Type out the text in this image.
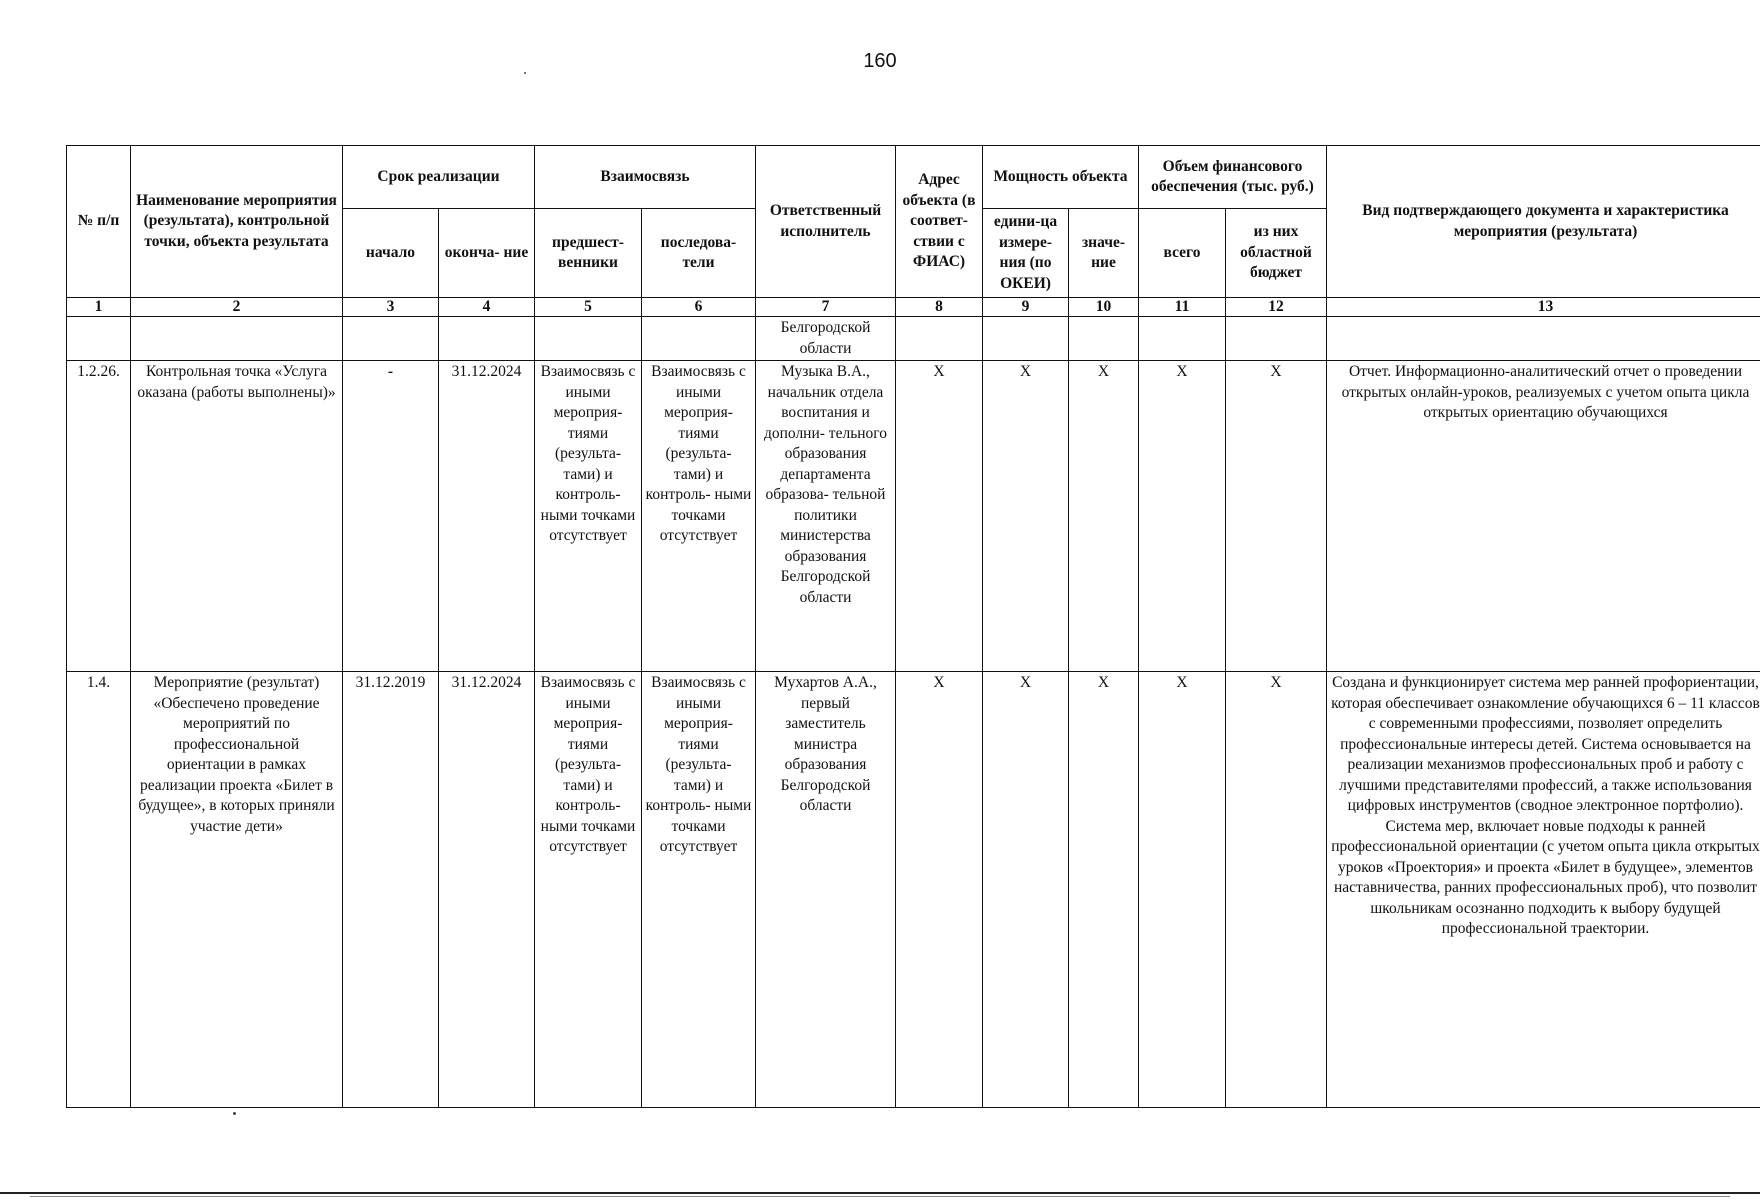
160
№ п/п	Наименование мероприятия (результата), контрольной точки, объекта результата	Срок реализации		Взаимосвязь		Ответственный исполнитель	Адрес объекта (в соответ- ствии с ФИАС)	Мощность объекта		Объем финансового обеспечения (тыс. руб.)		Вид подтверждающего документа и характеристика мероприятия (результата)
		начало	оконча- ние	предшест- венники	последова- тели			едини-ца измере- ния (по ОКЕИ)	значе- ние	всего	из них областной бюджет	
1	2	3	4	5	6	7	8	9	10	11	12	13
						Белгородской области						
1.2.26.	Контрольная точка «Услуга оказана (работы выполнены)»	-	31.12.2024	Взаимосвязь с иными мероприя- тиями (результа- тами) и контроль- ными точками отсутствует	Взаимосвязь с иными мероприя- тиями (результа- тами) и контроль- ными точками отсутствует	Музыка В.А., начальник отдела воспитания и дополни- тельного образования департамента образова- тельной политики министерства образования Белгородской области	Х	Х	Х	Х	Х	Отчет. Информационно-аналитический отчет о проведении открытых онлайн-уроков, реализуемых с учетом опыта цикла открытых ориентацию обучающихся
1.4.	Мероприятие (результат) «Обеспечено проведение мероприятий по профессиональной ориентации в рамках реализации проекта «Билет в будущее», в которых приняли участие дети»	31.12.2019	31.12.2024	Взаимосвязь с иными мероприя- тиями (результа- тами) и контроль- ными точками отсутствует	Взаимосвязь с иными мероприя- тиями (результа- тами) и контроль- ными точками отсутствует	Мухартов А.А., первый заместитель министра образования Белгородской области	Х	Х	Х	Х	Х	Создана и функционирует система мер ранней профориентации, которая обеспечивает ознакомление обучающихся 6 – 11 классов с современными профессиями, позволяет определить профессиональные интересы детей. Система основывается на реализации механизмов профессиональных проб и работу с лучшими представителями профессий, а также использования цифровых инструментов (сводное электронное портфолио). Система мер, включает новые подходы к ранней профессиональной ориентации (с учетом опыта цикла открытых уроков «Проектория» и проекта «Билет в будущее», элементов наставничества, ранних профессиональных проб), что позволит школьникам осознанно подходить к выбору будущей профессиональной траектории.
